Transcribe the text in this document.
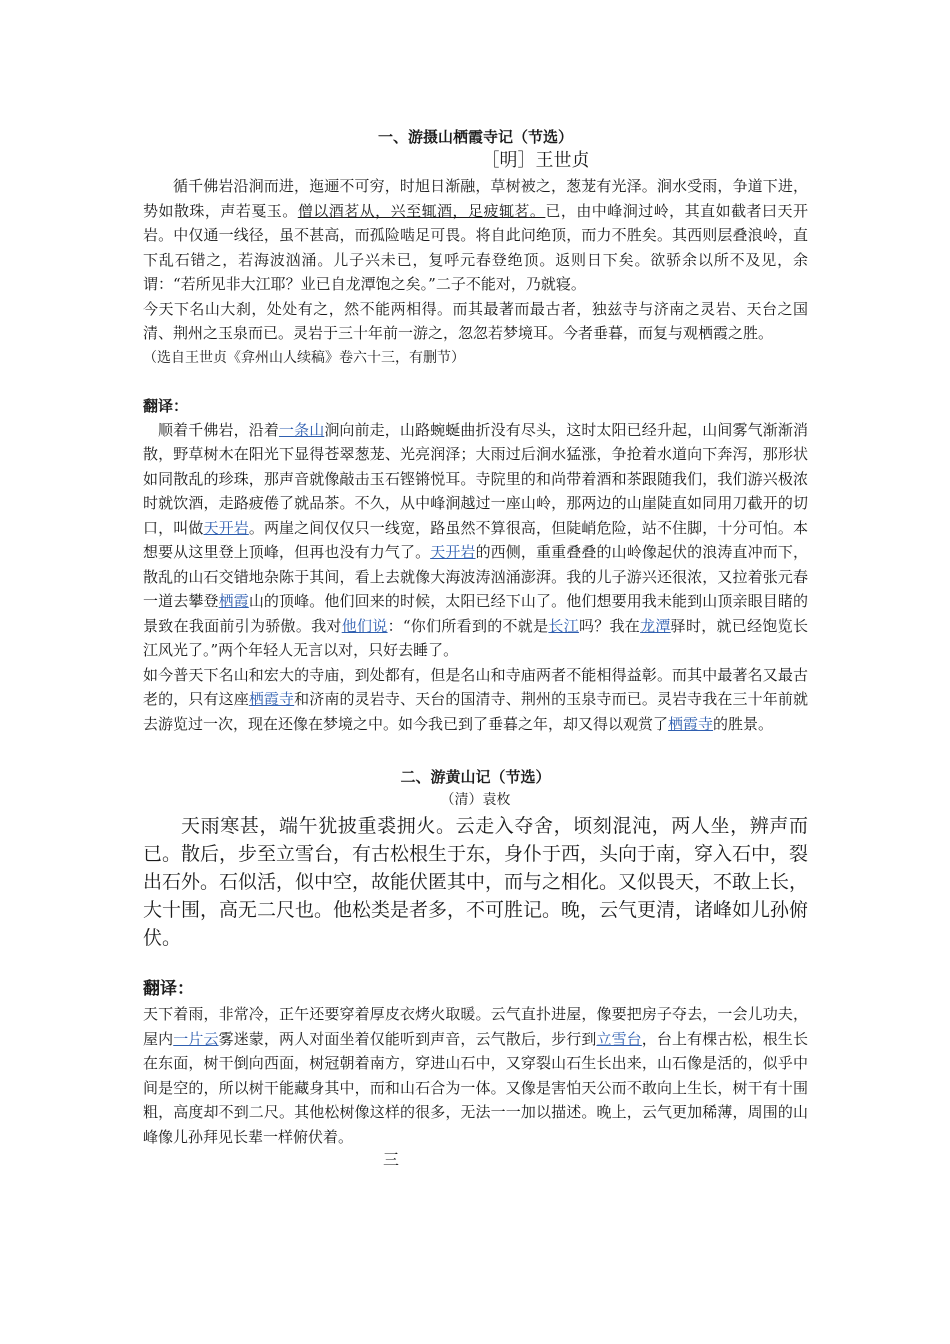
一、游摄山栖霞寺记（节选）
［明］王世贞

循千佛岩沿涧而进，迤逦不可穷，时旭日渐融，草树被之，葱茏有光泽。涧水受雨，争道下进，势如散珠，声若戛玉。僧以酒茗从，兴至辄酒，足疲辄茗。已，由中峰涧过岭，其直如截者曰天开岩。中仅通一线径，虽不甚高，而孤险啮足可畏。将自此问绝顶，而力不胜矣。其西则层叠浪岭，直下乱石错之，若海波汹涌。儿子兴未已，复呼元春登绝顶。返则日下矣。欲骄余以所不及见，余谓：“若所见非大江耶？业已自龙潭饱之矣。”二子不能对，乃就寝。

今天下名山大刹，处处有之，然不能两相得。而其最著而最古者，独兹寺与济南之灵岩、天台之国清、荆州之玉泉而已。灵岩于三十年前一游之，忽忽若梦境耳。今者垂暮，而复与观栖霞之胜。

（选自王世贞《弇州山人续稿》卷六十三，有删节）

翻译：

顺着千佛岩，沿着一条山涧向前走，山路蜿蜒曲折没有尽头，这时太阳已经升起，山间雾气渐渐消散，野草树木在阳光下显得苍翠葱茏、光亮润泽；大雨过后涧水猛涨，争抢着水道向下奔泻，那形状如同散乱的珍珠，那声音就像敲击玉石铿锵悦耳。寺院里的和尚带着酒和茶跟随我们，我们游兴极浓时就饮酒，走路疲倦了就品茶。不久，从中峰涧越过一座山岭，那两边的山崖陡直如同用刀截开的切口，叫做天开岩。两崖之间仅仅只一线宽，路虽然不算很高，但陡峭危险，站不住脚，十分可怕。本想要从这里登上顶峰，但再也没有力气了。天开岩的西侧，重重叠叠的山岭像起伏的浪涛直冲而下，散乱的山石交错地杂陈于其间，看上去就像大海波涛汹涌澎湃。我的儿子游兴还很浓，又拉着张元春一道去攀登栖霞山的顶峰。他们回来的时候，太阳已经下山了。他们想要用我未能到山顶亲眼目睹的景致在我面前引为骄傲。我对他们说：“你们所看到的不就是长江吗？我在龙潭驿时，就已经饱览长江风光了。”两个年轻人无言以对，只好去睡了。

如今普天下名山和宏大的寺庙，到处都有，但是名山和寺庙两者不能相得益彰。而其中最著名又最古老的，只有这座栖霞寺和济南的灵岩寺、天台的国清寺、荆州的玉泉寺而已。灵岩寺我在三十年前就去游览过一次，现在还像在梦境之中。如今我已到了垂暮之年，却又得以观赏了栖霞寺的胜景。

二、游黄山记（节选）
（清）袁枚

天雨寒甚，端午犹披重裘拥火。云走入夺舍，顷刻混沌，两人坐，辨声而已。散后，步至立雪台，有古松根生于东，身仆于西，头向于南，穿入石中，裂出石外。石似活，似中空，故能伏匿其中，而与之相化。又似畏天，不敢上长，大十围，高无二尺也。他松类是者多，不可胜记。晚，云气更清，诸峰如儿孙俯伏。

翻译：

天下着雨，非常冷，正午还要穿着厚皮衣烤火取暖。云气直扑进屋，像要把房子夺去，一会儿功夫，屋内一片云雾迷蒙，两人对面坐着仅能听到声音，云气散后，步行到立雪台，台上有棵古松，根生长在东面，树干倒向西面，树冠朝着南方，穿进山石中，又穿裂山石生长出来，山石像是活的，似乎中间是空的，所以树干能藏身其中，而和山石合为一体。又像是害怕天公而不敢向上生长，树干有十围粗，高度却不到二尺。其他松树像这样的很多，无法一一加以描述。晚上，云气更加稀薄，周围的山峰像儿孙拜见长辈一样俯伏着。

三
